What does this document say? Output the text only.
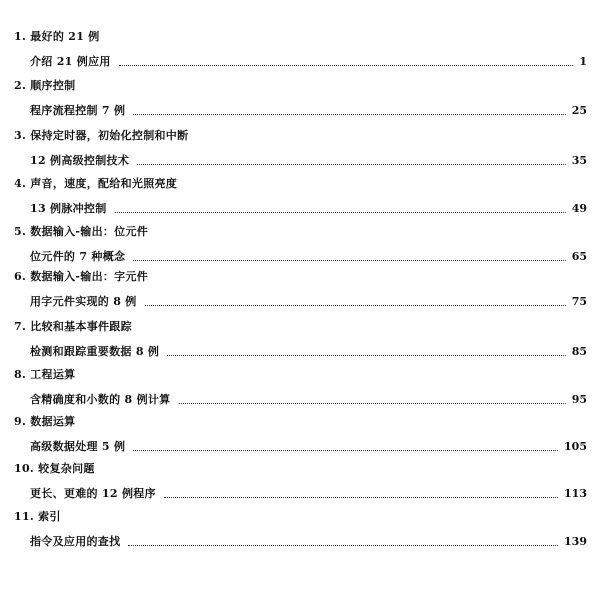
1. 最好的 21 例
介绍 21 例应用	1
2. 顺序控制
程序流程控制 7 例	25
3. 保持定时器，初始化控制和中断
12 例高级控制技术	35
4. 声音，速度，配给和光照亮度
13 例脉冲控制	49
5. 数据输入-输出：位元件
位元件的 7 种概念	65
6. 数据输入-输出：字元件
用字元件实现的 8 例	75
7. 比较和基本事件跟踪
检测和跟踪重要数据 8 例	85
8. 工程运算
含精确度和小数的 8 例计算	95
9. 数据运算
高级数据处理 5 例	105
10. 较复杂问题
更长、更难的 12 例程序	113
11. 索引
指令及应用的查找	139
